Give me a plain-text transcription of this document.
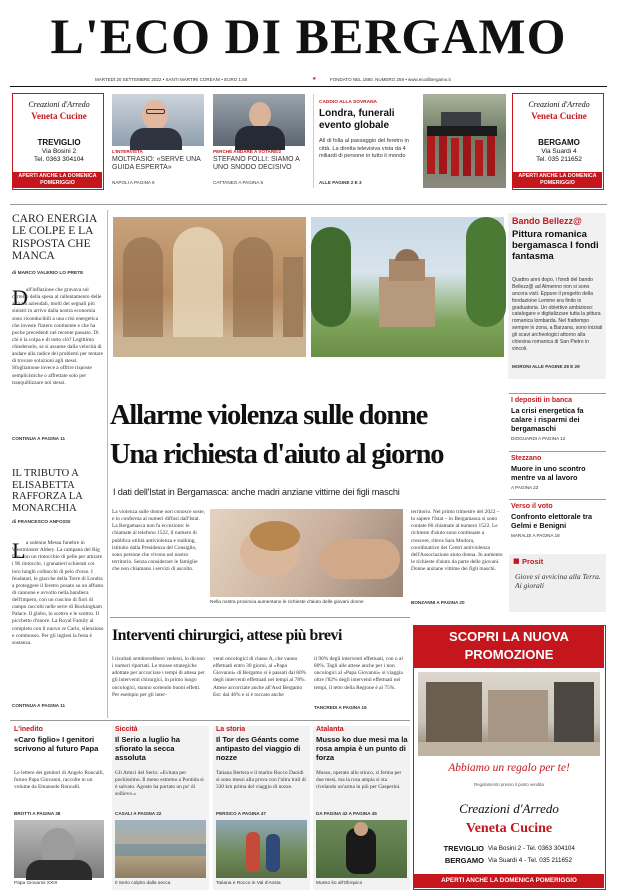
L'ECO DI BERGAMO
MARTEDÌ 20 SETTEMBRE 2022 • SANTI MARTIRI COREANI • EURO 1,50	★	FONDATO NEL 1880. NUMERO 259 • www.ecodibergamo.it
Creazioni d'Arredo
Veneta Cucine
TREVIGLIO
Via Bosini 2
Tel. 0363 304104
APERTI ANCHE LA DOMENICA POMERIGGIO
L'INTERVISTA
MOLTRASIO: «SERVE UNA GUIDA ESPERTA»
NAPOLI A PAGINA 6
PERCHÉ ANDARE A VOTARE/2
STEFANO FOLLI: SIAMO A UNO SNODO DECISIVO
CATTANEO A PAGINA 5
CADDIO ALLA SOVRANA
Londra, funerali evento globale
Alì di folla al passaggio del feretro in città. La diretta televisiva vista da 4 miliardi di persone in tutto il mondo
ALLE PAGINE 2 E 3
Creazioni d'Arredo
Veneta Cucine
BERGAMO
Via Suardi 4
Tel. 035 211652
APERTI ANCHE LA DOMENICA POMERIGGIO
CARO ENERGIA LE COLPE E LA RISPOSTA CHE MANCA
di MARCO VALERIO LO PRETE
D
all'inflazione che gravava sul carrello della spesa al rallentamento delle attività aziendali, molti dei segnali più sinistri in arrivo dalla nostra economia sono riconducibili a una crisi energetica che investe l'intero continente e che ha poche precedenti nel recente passato. Di chi è la colpa e di tutto ciò? Legittimo chiederselo, se si assume dalla velocità di andare alla radice dei problemi per tentare di trovare soluzioni agli stessi. Sfogliamone invece a offrire risposte semplicistiche o affrettate solo per tranquillizzare noi stessi.
CONTINUA A PAGINA 11
IL TRIBUTO A ELISABETTA RAFFORZA LA MONARCHIA
di FRANCESCO ANFOSSI
L a solenne Messa funebre in Westminster Abbey. La campana del Big Ben con un rintocchio di pelle per attirare i 96 rintocchi, i granatieri schierati coi loro lunghi colbacchi di pelo d'orso. I feudatari, le giacche della Torre di Londra a proteggere il feretro posato su un affusto di cannone e avvolto nella bandiera dell'impero, con un cuscino di fiori di campo raccolti nelle serre di Buckingham Palace. Il globo, lo scettro e le scettro. Il picchetto d'onore. La Royal Family al completo con il nuovo re Carlo, silenzioso e commosso. Per gli inglesi la festa è sostanza.
CONTINUA A PAGINA 11
Bando Bellezz@
Pittura romanica bergamasca I fondi fantasma
Quattro anni dopo, i fondi del bando Bellezz@ ad Almenno non si sono ancora visti. Eppure il progetto della fondazione Lemine era finito in graduatoria. Un obiettivo ambizioso: catalogare e digitalizzare tutta la pittura romanica lombarda. Nel frattempo sempre in zona, a Barzana, sono iniziati gli scavi archeologici attorno alla chiesina romanica di San Pietro in vincoli.
MORONI ALLE PAGINE 28 E 29
Allarme violenza sulle donne
Una richiesta d'aiuto al giorno
I dati dell'Istat in Bergamasca: anche madri anziane vittime dei figli maschi
La violenza sulle donne non conosce soste, e lo conferma ai numeri diffusi dall'Istat. La Bergamasca non fa eccezione: le chiamate al telefono 1522, il numero di pubblica utilità antiviolenza e stalking, istituito dalla Presidenza del Consiglio, sono persone che vivono nel nostro territorio. Senza considerare le famiglie che non chiamano i servizi di ascolto.
Nella nostra provincia aumentano le richieste d'aiuto delle giovani donne
territorio. Nel primo trimestre del 2022 – lo sapere l'Istat – in Bergamasca si sono contate 66 chiamate al numero 1522. Le richieste d'aiuto sono continuate a crescere, rileva Sara Modora, coordinatrice dei Centri antiviolenza dell'Associazione aiuto donna. In aumento le richieste d'aiuto da parte delle giovani. Donne anziane vittime dei figli maschi.
BONZANNI A PAGINA 20
I depositi in banca
La crisi energetica fa calare i risparmi dei bergamaschi
DIOGUARDI A PAGINA 12
Stezzano
Muore in uno scontro mentre va al lavoro
A PAGINA 23
Verso il voto
Confronto elettorale tra Gelmi e Benigni
MARALDI A PAGINA 18
■ Prosit
Giove si avvicina alla Terra. Ai giorali
Interventi chirurgici, attese più brevi
I risultati sembrerebbero vedersi, lo dicono i numeri riportati. Le mosse strategiche adottate per accorciare i tempi di attesa per gli interventi chirurgici, in primo luogo oncologici, stanno sortendo buoni effetti. Per esempio per gli inter-
venti oncologici di classe A, che vanno effettuati entro 30 giorni, al «Papa Giovanni» di Bergamo si è passati dal 80% degli interventi effettuati nei tempi al 78%. Attese accorciate anche all'Asst Bergamo Est: dal 46% e si è toccato anche
il 90% degli interventi effettuati, con o al 80%. Tagli alle attese anche per i non oncologici al «Papa Giovanni» si viaggia oltre l'82% degli interventi effettuati nei tempi, il tetto della Regione è al 75%.
TANCREDI A PAGINA 16
SCOPRI LA NUOVA
PROMOZIONE
Abbiamo un regalo per te!
Regolamento presso il punto vendita
Creazioni d'Arredo
Veneta Cucine
TREVIGLIO Via Bosini 2 - Tel. 0363 304104
BERGAMO Via Suardi 4 - Tel. 035 211652
APERTI ANCHE LA DOMENICA POMERIGGIO
L'inedito
«Caro figlio» I genitori scrivono al futuro Papa
Le lettere dei genitori di Angelo Roncalli, futuro Papa Giovanni, raccolte in un volume da Emanuele Roncalli.
BROTTI A PAGINA 38
Papa Giovanni XXIII
Siccità
Il Serio a luglio ha sfiorato la secca assoluta
Gli Amici del Serio: «Evitata per pochissimo. Il meno estremo a Pontida si è salvato. Agosto ha portato un po' di sollievo.»
CASALI A PAGINA 22
Il Serio colpito dalla secca
La storia
Il Tor des Géants come antipasto del viaggio di nozze
Tatiana Bertera e il marito Rocco Daoidi si sono messi alla prova con l'ultra trail di 330 km prima del viaggio di nozze.
PERSICO A PAGINA 47
Tatiana e Rocco in Val d'Aosta
Atalanta
Musso ko due mesi ma la rosa ampia è un punto di forza
Musso, operato allo stinco, si ferma per due mesi, ma la rosa ampia si sta rivelando un'arma in più per Gasperini.
DA PAGINA 42 A PAGINA 45
Musso ko all'Olimpico
